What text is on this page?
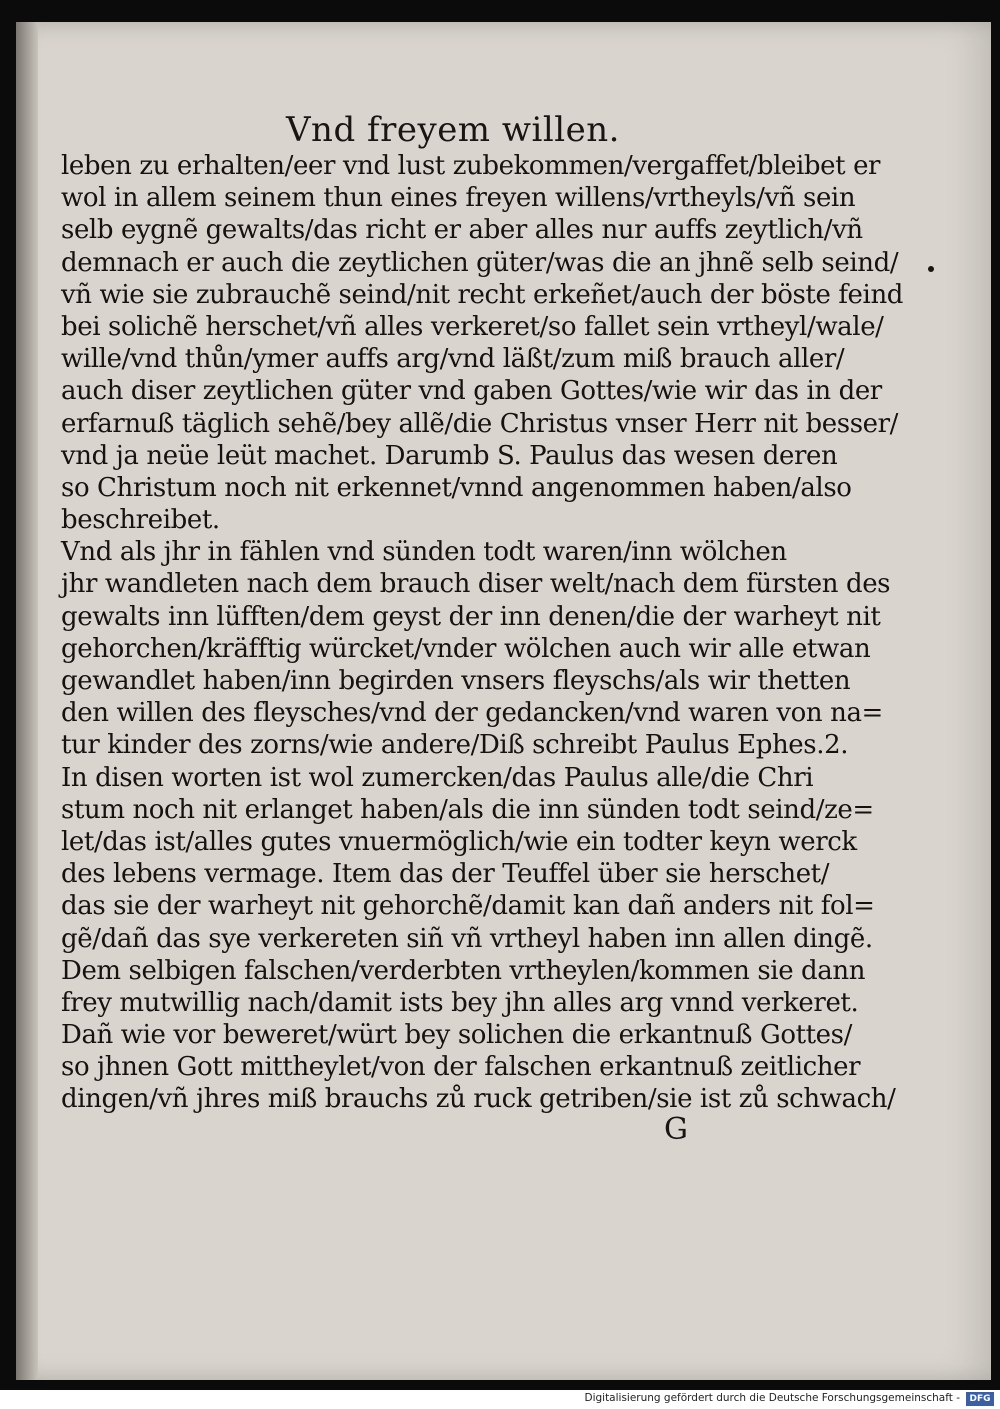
Vnd freyem willen.
leben zu erhalten/eer vnd lust zubekommen/vergaffet/bleibet er
wol in allem seinem thun eines freyen willens/vrtheyls/vñ sein
selb eygnẽ gewalts/das richt er aber alles nur auffs zeytlich/vñ
demnach er auch die zeytlichen güter/was die an jhnẽ selb seind/
vñ wie sie zubrauchẽ seind/nit recht erkeñet/auch der böste feind
bei solichẽ herschet/vñ alles verkeret/so fallet sein vrtheyl/wale/
wille/vnd thůn/ymer auffs arg/vnd läßt/zum miß brauch aller/
auch diser zeytlichen güter vnd gaben Gottes/wie wir das in der
erfarnuß täglich sehẽ/bey allẽ/die Christus vnser Herr nit besser/
vnd ja neüe leüt machet. Darumb S. Paulus das wesen deren
so Christum noch nit erkennet/vnnd angenommen haben/also
beschreibet.
Vnd als jhr in fählen vnd sünden todt waren/inn wölchen
jhr wandleten nach dem brauch diser welt/nach dem fürsten des
gewalts inn lüfften/dem geyst der inn denen/die der warheyt nit
gehorchen/kräfftig würcket/vnder wölchen auch wir alle etwan
gewandlet haben/inn begirden vnsers fleyschs/als wir thetten
den willen des fleysches/vnd der gedancken/vnd waren von na=
tur kinder des zorns/wie andere/Diß schreibt Paulus Ephes.2.
In disen worten ist wol zumercken/das Paulus alle/die Chri
stum noch nit erlanget haben/als die inn sünden todt seind/ze=
let/das ist/alles gutes vnuermöglich/wie ein todter keyn werck
des lebens vermage. Item das der Teuffel über sie herschet/
das sie der warheyt nit gehorchẽ/damit kan dañ anders nit fol=
gẽ/dañ das sye verkereten siñ vñ vrtheyl haben inn allen dingẽ.
Dem selbigen falschen/verderbten vrtheylen/kommen sie dann
frey mutwillig nach/damit ists bey jhn alles arg vnnd verkeret.
Dañ wie vor beweret/würt bey solichen die erkantnuß Gottes/
so jhnen Gott mittheylet/von der falschen erkantnuß zeitlicher
dingen/vñ jhres miß brauchs zů ruck getriben/sie ist zů schwach/
G
Digitalisierung gefördert durch die Deutsche Forschungsgemeinschaft -	DFG
